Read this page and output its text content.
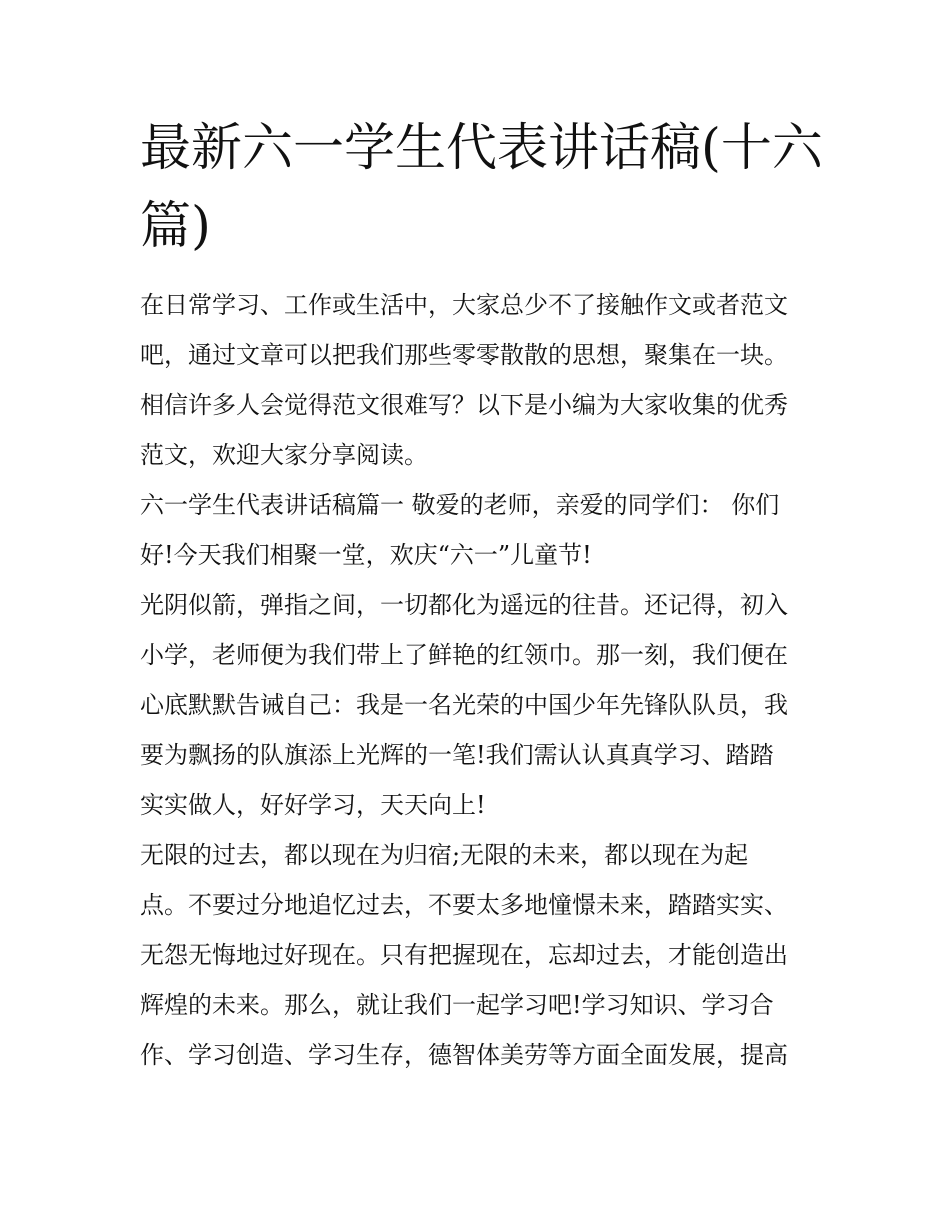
最新六一学生代表讲话稿(十六
篇)

在日常学习、工作或生活中，大家总少不了接触作文或者范文
吧，通过文章可以把我们那些零零散散的思想，聚集在一块。
相信许多人会觉得范文很难写？以下是小编为大家收集的优秀
范文，欢迎大家分享阅读。

六一学生代表讲话稿篇一 敬爱的老师，亲爱的同学们： 你们
好!今天我们相聚一堂，欢庆“六一”儿童节!

光阴似箭，弹指之间，一切都化为遥远的往昔。还记得，初入
小学，老师便为我们带上了鲜艳的红领巾。那一刻，我们便在
心底默默告诫自己：我是一名光荣的中国少年先锋队队员，我
要为飘扬的队旗添上光辉的一笔!我们需认认真真学习、踏踏
实实做人，好好学习，天天向上!

无限的过去，都以现在为归宿;无限的未来，都以现在为起
点。不要过分地追忆过去，不要太多地憧憬未来，踏踏实实、
无怨无悔地过好现在。只有把握现在，忘却过去，才能创造出
辉煌的未来。那么，就让我们一起学习吧!学习知识、学习合
作、学习创造、学习生存，德智体美劳等方面全面发展，提高
